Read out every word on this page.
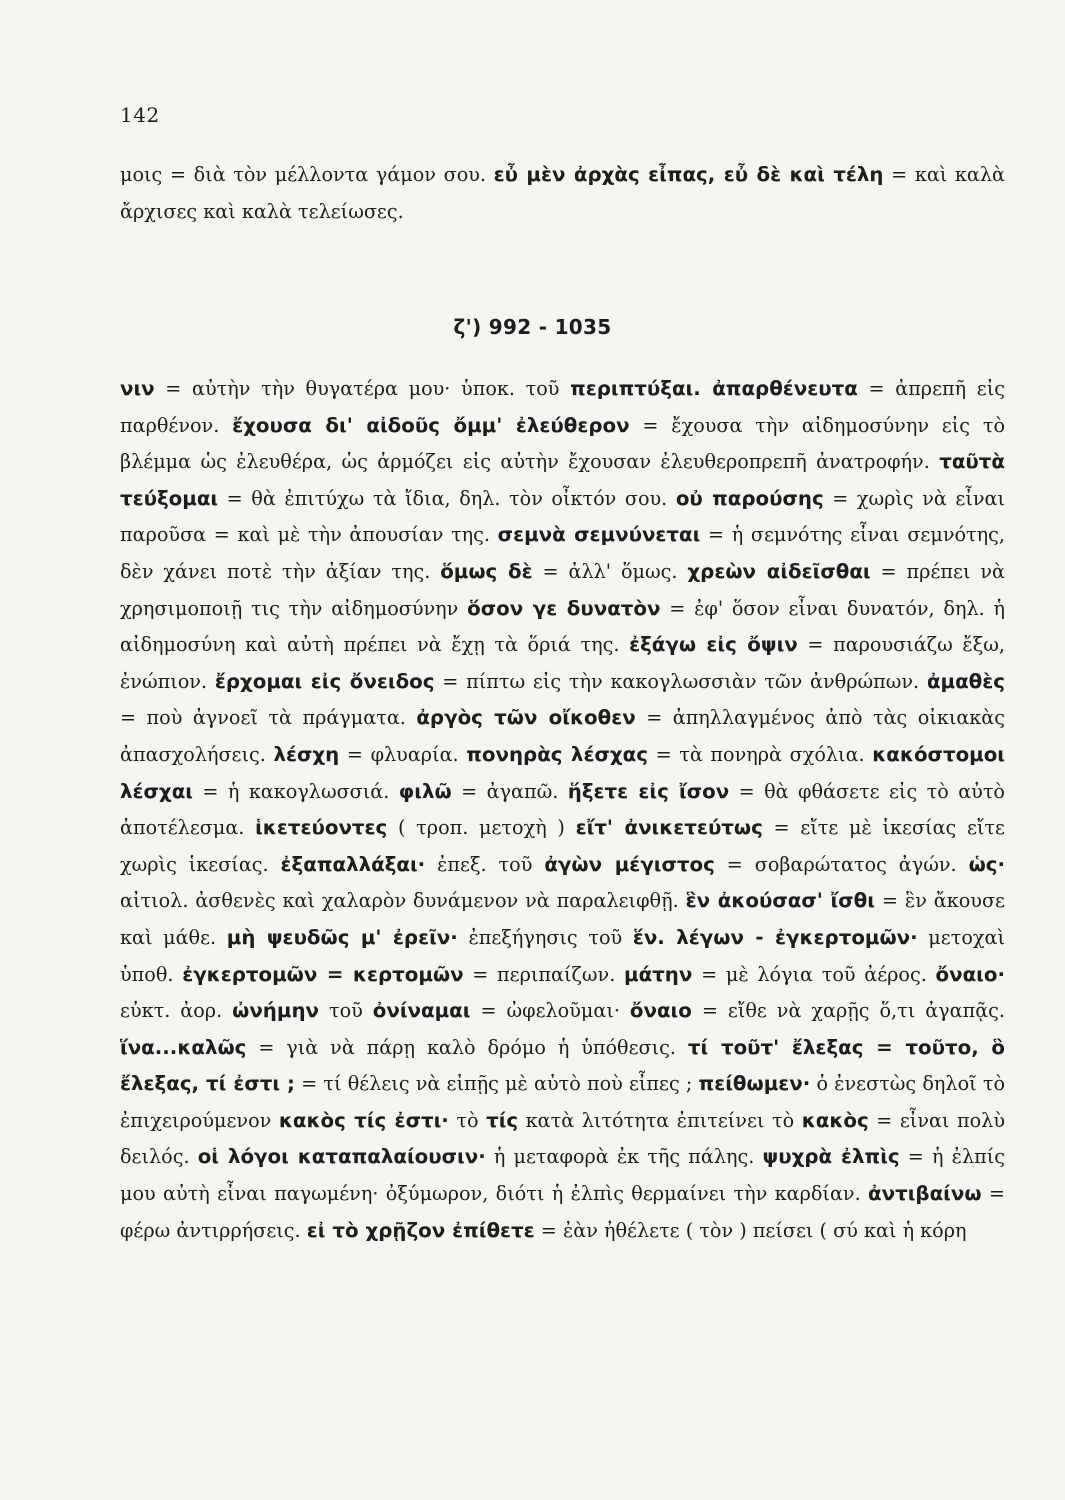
142
μοις = διὰ τὸν μέλλοντα γάμον σου. εὖ μὲν ἀρχὰς εἶπας, εὖ δὲ καὶ τέλη = καὶ καλὰ ἄρχισες καὶ καλὰ τελείωσες.
ζ') 992 - 1035
νιν = αὐτὴν τὴν θυγατέρα μου· ὑποκ. τοῦ περιπτύξαι. ἀπαρθένευτα = ἀπρεπῆ εἰς παρθένον. ἔχουσα δι' αἰδοῦς ὄμμ' ἐλεύθερον = ἔχουσα τὴν αἰδημοσύνην εἰς τὸ βλέμμα ὡς ἐλευθέρα, ὡς ἁρμόζει εἰς αὐτὴν ἔχουσαν ἐλευθεροπρεπῆ ἀνατροφήν. ταῦτὰ τεύξομαι = θὰ ἐπιτύχω τὰ ἴδια, δηλ. τὸν οἶκτόν σου. οὐ παρούσης = χωρὶς νὰ εἶναι παροῦσα = καὶ μὲ τὴν ἀπουσίαν της. σεμνὰ σεμνύνεται = ἡ σεμνότης εἶναι σεμνότης, δὲν χάνει ποτὲ τὴν ἀξίαν της. ὅμως δὲ = ἀλλ' ὅμως. χρεὼν αἰδεῖσθαι = πρέπει νὰ χρησιμοποιῇ τις τὴν αἰδημοσύνην ὅσον γε δυνατὸν = ἐφ' ὅσον εἶναι δυνατόν, δηλ. ἡ αἰδημοσύνη καὶ αὐτὴ πρέπει νὰ ἔχῃ τὰ ὅριά της. ἐξάγω εἰς ὄψιν = παρουσιάζω ἔξω, ἐνώπιον. ἔρχομαι εἰς ὄνειδος = πίπτω εἰς τὴν κακογλωσσιὰν τῶν ἀνθρώπων. ἀμαθὲς = ποὺ ἀγνοεῖ τὰ πράγματα. ἀργὸς τῶν οἴκοθεν = ἀπηλλαγμένος ἀπὸ τὰς οἰκιακὰς ἀπασχολήσεις. λέσχη = φλυαρία. πονηρὰς λέσχας = τὰ πονηρὰ σχόλια. κακόστομοι λέσχαι = ἡ κακογλωσσιά. φιλῶ = ἀγαπῶ. ἥξετε εἰς ἴσον = θὰ φθάσετε εἰς τὸ αὐτὸ ἀποτέλεσμα. ἱκετεύοντες ( τροπ. μετοχὴ ) εἴτ' ἀνικετεύτως = εἴτε μὲ ἱκεσίας εἴτε χωρὶς ἱκεσίας. ἐξαπαλλάξαι· ἐπεξ. τοῦ ἀγὼν μέγιστος = σοβαρώτατος ἀγών. ὡς· αἰτιολ. ἀσθενὲς καὶ χαλαρὸν δυνάμενον νὰ παραλειφθῇ. ἓν ἀκούσασ' ἴσθι = ἓν ἄκουσε καὶ μάθε. μὴ ψευδῶς μ' ἐρεῖν· ἐπεξήγησις τοῦ ἕν. λέγων - ἐγκερτομῶν· μετοχαὶ ὑποθ. ἐγκερτομῶν = κερτομῶν = περιπαίζων. μάτην = μὲ λόγια τοῦ ἀέρος. ὄναιο· εὐκτ. ἀορ. ὠνήμην τοῦ ὀνίναμαι = ὠφελοῦμαι· ὄναιο = εἴθε νὰ χαρῇς ὅ,τι ἀγαπᾷς. ἵνα...καλῶς = γιὰ νὰ πάρῃ καλὸ δρόμο ἡ ὑπόθεσις. τί τοῦτ' ἔλεξας = τοῦτο, ὃ ἔλεξας, τί ἐστι ; = τί θέλεις νὰ εἰπῇς μὲ αὐτὸ ποὺ εἶπες ; πείθωμεν· ὁ ἐνεστὼς δηλοῖ τὸ ἐπιχειρούμενον κακὸς τίς ἐστι· τὸ τίς κατὰ λιτότητα ἐπιτείνει τὸ κακὸς = εἶναι πολὺ δειλός. οἱ λόγοι καταπαλαίουσιν· ἡ μεταφορὰ ἐκ τῆς πάλης. ψυχρὰ ἐλπὶς = ἡ ἐλπίς μου αὐτὴ εἶναι παγωμένη· ὀξύμωρον, διότι ἡ ἐλπὶς θερμαίνει τὴν καρδίαν. ἀντιβαίνω = φέρω ἀντιρρήσεις. εἰ τὸ χρῇζον ἐπίθετε = ἐὰν ἠθέλετε ( τὸν ) πείσει ( σύ καὶ ἡ κόρη
